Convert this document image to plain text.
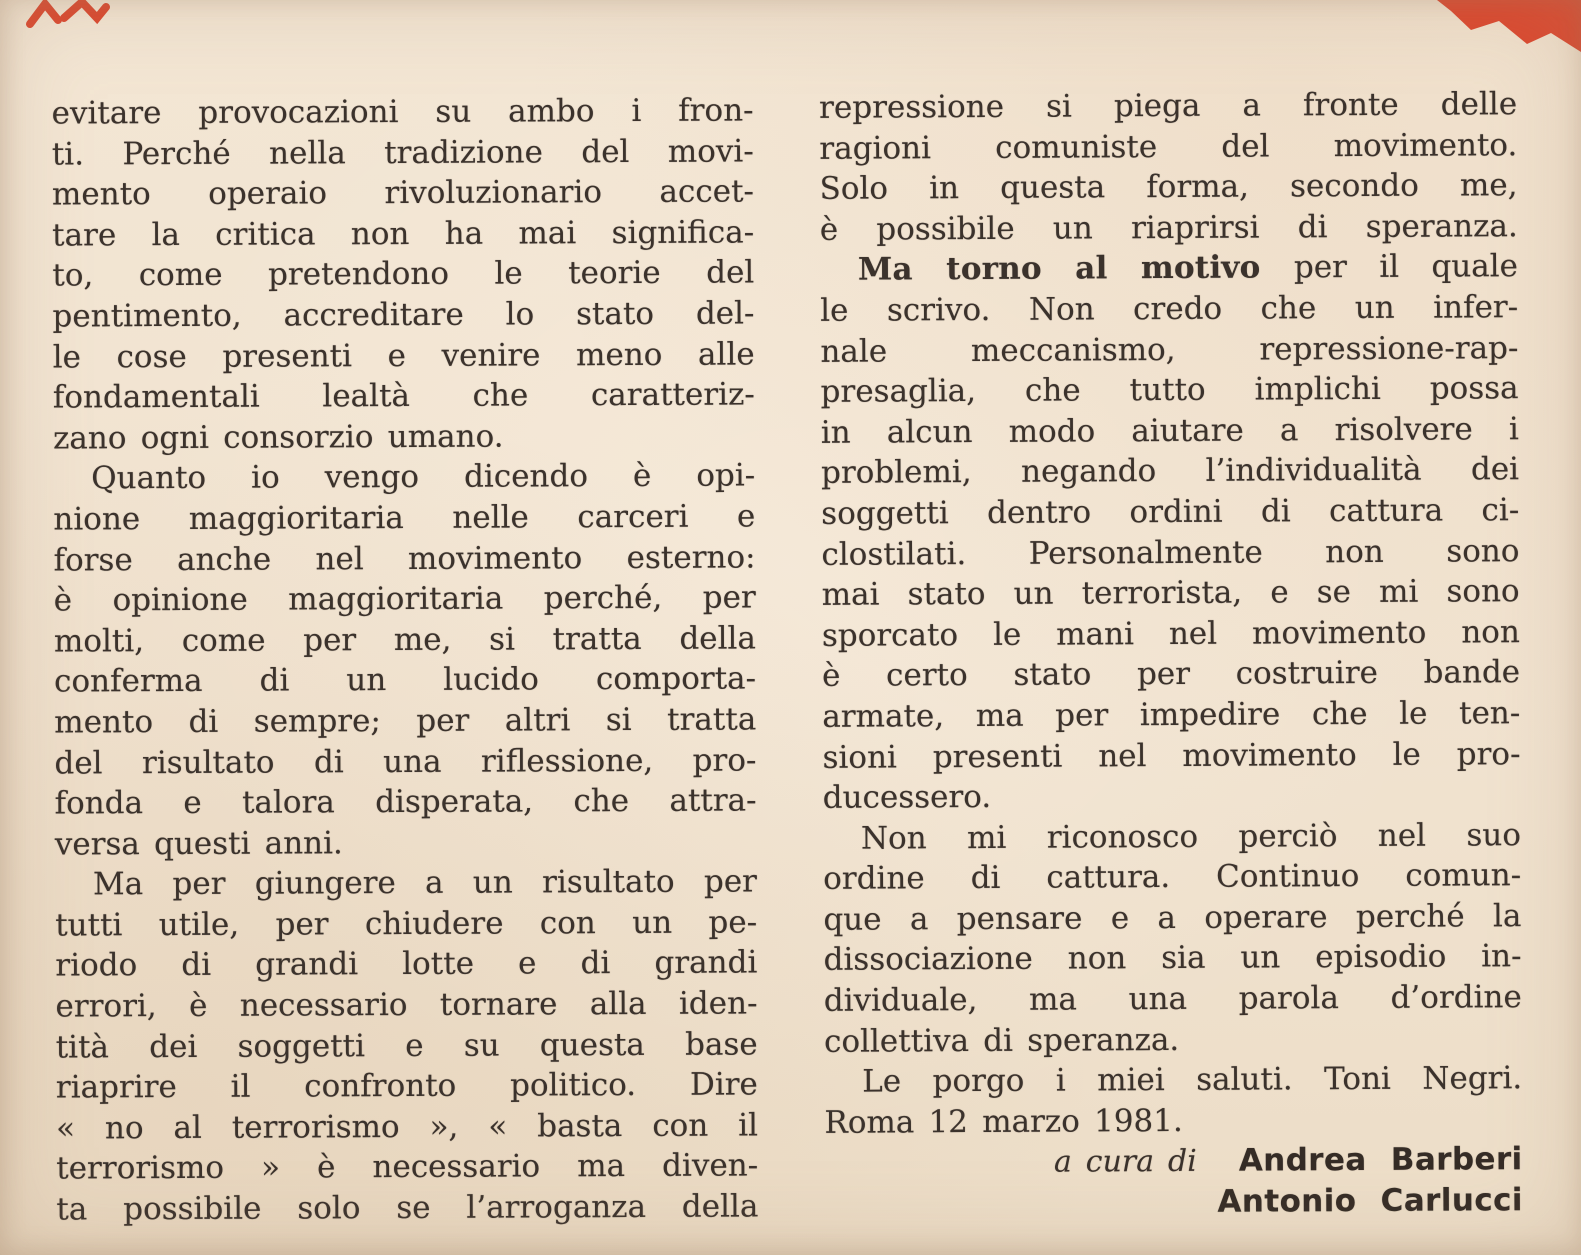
evitare provocazioni su ambo i fron-
ti. Perché nella tradizione del movi-
mento operaio rivoluzionario accet-
tare la critica non ha mai significa-
to, come pretendono le teorie del
pentimento, accreditare lo stato del-
le cose presenti e venire meno alle
fondamentali lealtà che caratteriz-
zano ogni consorzio umano.
Quanto io vengo dicendo è opi-
nione maggioritaria nelle carceri e
forse anche nel movimento esterno:
è opinione maggioritaria perché, per
molti, come per me, si tratta della
conferma di un lucido comporta-
mento di sempre; per altri si tratta
del risultato di una riflessione, pro-
fonda e talora disperata, che attra-
versa questi anni.
Ma per giungere a un risultato per
tutti utile, per chiudere con un pe-
riodo di grandi lotte e di grandi
errori, è necessario tornare alla iden-
tità dei soggetti e su questa base
riaprire il confronto politico. Dire
« no al terrorismo », « basta con il
terrorismo » è necessario ma diven-
ta possibile solo se l’arroganza della
repressione si piega a fronte delle
ragioni comuniste del movimento.
Solo in questa forma, secondo me,
è possibile un riaprirsi di speranza.
Ma torno al motivo per il quale
le scrivo. Non credo che un infer-
nale meccanismo, repressione-rap-
presaglia, che tutto implichi possa
in alcun modo aiutare a risolvere i
problemi, negando l’individualità dei
soggetti dentro ordini di cattura ci-
clostilati. Personalmente non sono
mai stato un terrorista, e se mi sono
sporcato le mani nel movimento non
è certo stato per costruire bande
armate, ma per impedire che le ten-
sioni presenti nel movimento le pro-
ducessero.
Non mi riconosco perciò nel suo
ordine di cattura. Continuo comun-
que a pensare e a operare perché la
dissociazione non sia un episodio in-
dividuale, ma una parola d’ordine
collettiva di speranza.
Le porgo i miei saluti. Toni Negri.
Roma 12 marzo 1981.
a cura di Andrea Barberi
Antonio Carlucci
